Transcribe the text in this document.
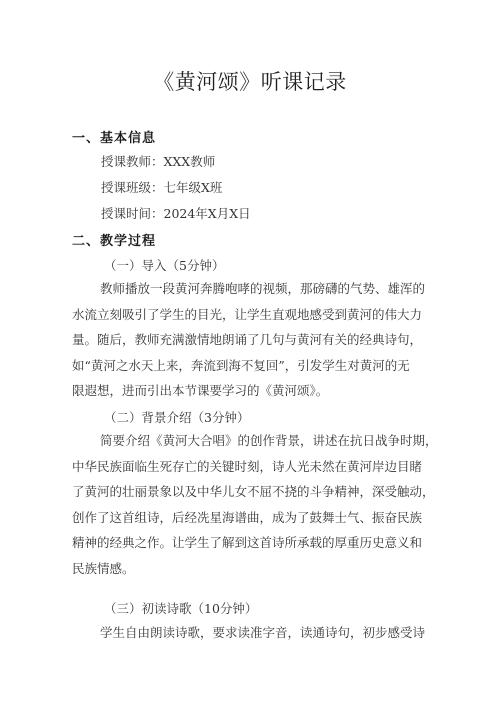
《黄河颂》听课记录
一、基本信息
授课教师：XXX教师
授课班级：七年级X班
授课时间：2024年X月X日
二、教学过程
（一）导入（5分钟）
教师播放一段黄河奔腾咆哮的视频，那磅礴的气势、雄浑的
水流立刻吸引了学生的目光，让学生直观地感受到黄河的伟大力
量。随后，教师充满激情地朗诵了几句与黄河有关的经典诗句，
如“黄河之水天上来，奔流到海不复回”，引发学生对黄河的无
限遐想，进而引出本节课要学习的《黄河颂》。
（二）背景介绍（3分钟）
简要介绍《黄河大合唱》的创作背景，讲述在抗日战争时期，
中华民族面临生死存亡的关键时刻，诗人光未然在黄河岸边目睹
了黄河的壮丽景象以及中华儿女不屈不挠的斗争精神，深受触动，
创作了这首组诗，后经冼星海谱曲，成为了鼓舞士气、振奋民族
精神的经典之作。让学生了解到这首诗所承载的厚重历史意义和
民族情感。
（三）初读诗歌（10分钟）
学生自由朗读诗歌，要求读准字音，读通诗句，初步感受诗
